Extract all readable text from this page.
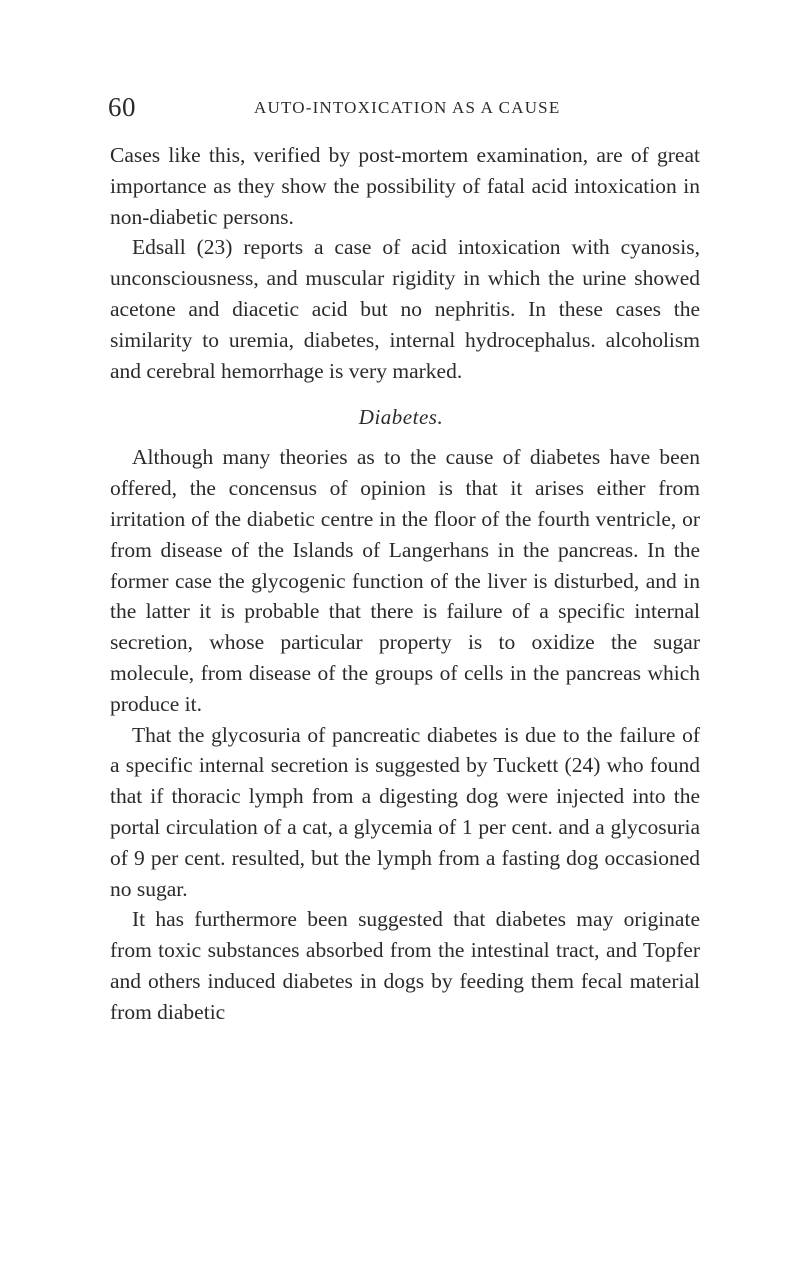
60	AUTO-INTOXICATION AS A CAUSE

Cases like this, verified by post-mortem examination, are of great importance as they show the possibility of fatal acid intoxication in non-diabetic persons.

Edsall (23) reports a case of acid intoxication with cyanosis, unconsciousness, and muscular rigidity in which the urine showed acetone and diacetic acid but no nephritis. In these cases the similarity to uremia, diabetes, internal hydrocephalus. alcoholism and cerebral hemorrhage is very marked.

Diabetes.

Although many theories as to the cause of diabetes have been offered, the concensus of opinion is that it arises either from irritation of the diabetic centre in the floor of the fourth ventricle, or from disease of the Islands of Langerhans in the pancreas. In the former case the glycogenic function of the liver is disturbed, and in the latter it is probable that there is failure of a specific internal secretion, whose particular property is to oxidize the sugar molecule, from disease of the groups of cells in the pancreas which produce it.

That the glycosuria of pancreatic diabetes is due to the failure of a specific internal secretion is suggested by Tuckett (24) who found that if thoracic lymph from a digesting dog were injected into the portal circulation of a cat, a glycemia of 1 per cent. and a glycosuria of 9 per cent. resulted, but the lymph from a fasting dog occasioned no sugar.

It has furthermore been suggested that diabetes may originate from toxic substances absorbed from the intestinal tract, and Topfer and others induced diabetes in dogs by feeding them fecal material from diabetic
